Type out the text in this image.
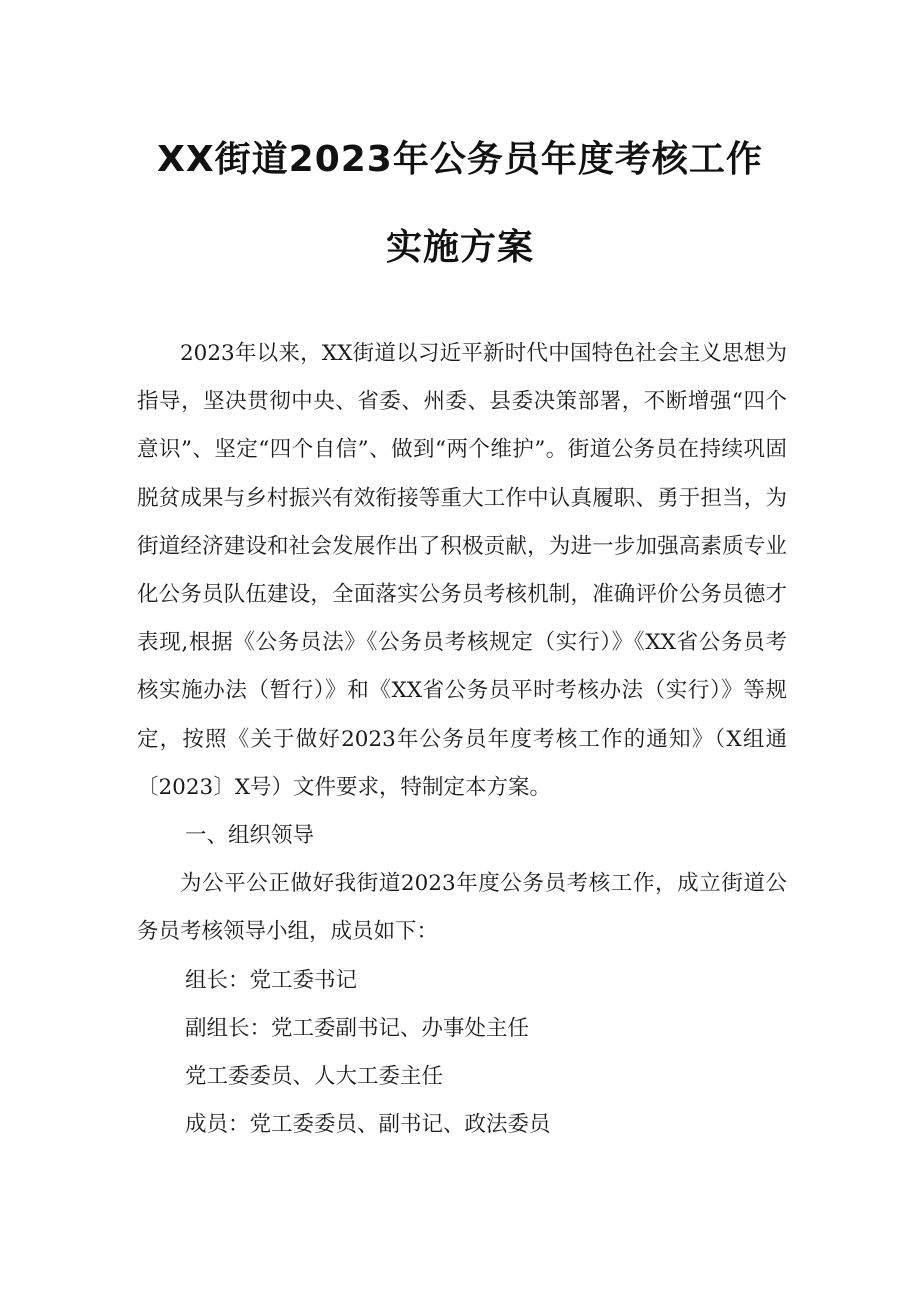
XX街道2023年公务员年度考核工作
实施方案

2023年以来，XX街道以习近平新时代中国特色社会主义思想为指导，坚决贯彻中央、省委、州委、县委决策部署，不断增强“四个意识”、坚定“四个自信”、做到“两个维护”。街道公务员在持续巩固脱贫成果与乡村振兴有效衔接等重大工作中认真履职、勇于担当，为街道经济建设和社会发展作出了积极贡献，为进一步加强高素质专业化公务员队伍建设，全面落实公务员考核机制，准确评价公务员德才表现,根据《公务员法》《公务员考核规定（实行）》《XX省公务员考核实施办法（暂行）》和《XX省公务员平时考核办法（实行）》等规定，按照《关于做好2023年公务员年度考核工作的通知》（X组通〔2023〕X号）文件要求，特制定本方案。

一、组织领导

为公平公正做好我街道2023年度公务员考核工作，成立街道公务员考核领导小组，成员如下：

组长：党工委书记

副组长：党工委副书记、办事处主任

党工委委员、人大工委主任

成员：党工委委员、副书记、政法委员
